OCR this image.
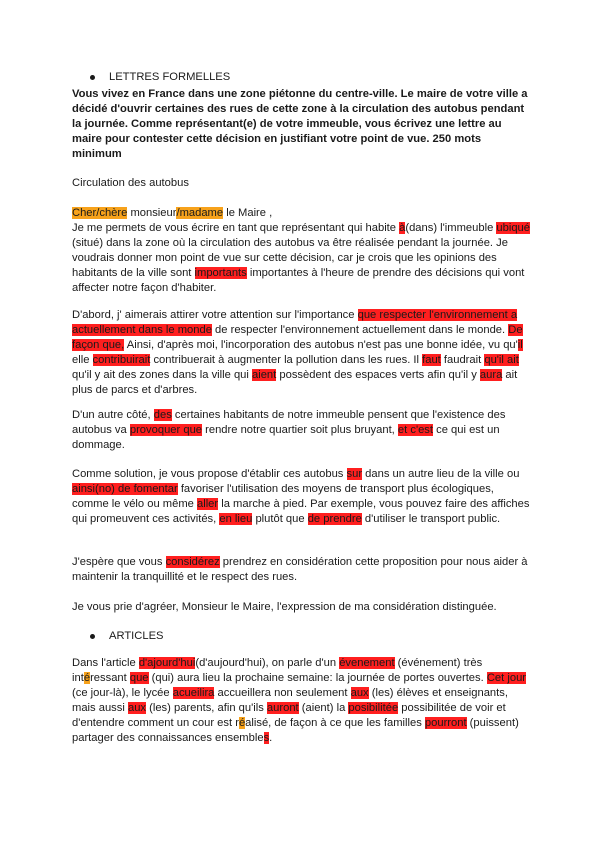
LETTRES FORMELLES

Vous vivez en France dans une zone piétonne du centre-ville. Le maire de votre ville a décidé d'ouvrir certaines des rues de cette zone à la circulation des autobus pendant la journée. Comme représentant(e) de votre immeuble, vous écrivez une lettre au maire pour contester cette décision en justifiant votre point de vue. 250 mots minimum

Circulation des autobus

Cher/chère monsieur/madame le Maire ,

Je me permets de vous écrire en tant que représentant qui habite à(dans) l'immeuble ubiqué (situé) dans la zone où la circulation des autobus va être réalisée pendant la journée. Je voudrais donner mon point de vue sur cette décision, car je crois que les opinions des habitants de la ville sont importants importantes à l'heure de prendre des décisions qui vont affecter notre façon d'habiter.

D'abord, j' aimerais attirer votre attention sur l'importance que respecter l'environnement a actuellement dans le monde de respecter l'environnement actuellement dans le monde. De façon que, Ainsi, d'après moi, l'incorporation des autobus n'est pas une bonne idée, vu qu'il elle contribuirait contribuerait à augmenter la pollution dans les rues. Il faut faudrait qu'il ait qu'il y ait des zones dans la ville qui aient possèdent des espaces verts afin qu'il y aura ait plus de parcs et d'arbres.

D'un autre côté, des certaines habitants de notre immeuble pensent que l'existence des autobus va provoquer que rendre notre quartier soit plus bruyant, et c'est ce qui est un dommage.

Comme solution, je vous propose d'établir ces autobus sur dans un autre lieu de la ville ou ainsi(no) de fomentar favoriser l'utilisation des moyens de transport plus écologiques, comme le vélo ou même aller la marche à pied. Par exemple, vous pouvez faire des affiches qui promeuvent ces activités, en lieu plutôt que de prendre d'utiliser le transport public.

J'espère que vous considérez prendrez en considération cette proposition pour nous aider à maintenir la tranquillité et le respect des rues.

Je vous prie d'agréer, Monsieur le Maire, l'expression de ma considération distinguée.

ARTICLES

Dans l'article d'ajourd'hui(d'aujourd'hui), on parle d'un évenement (événement) très intéressant que (qui) aura lieu la prochaine semaine: la journée de portes ouvertes. Cet jour (ce jour-là), le lycée acueilira accueillera non seulement aux (les) élèves et enseignants, mais aussi aux (les) parents, afin qu'ils auront (aient) la posibilitée possibilitée de voir et d'entendre comment un cour est réalisé, de façon à ce que les familles pourront (puissent) partager des connaissances ensembles.
